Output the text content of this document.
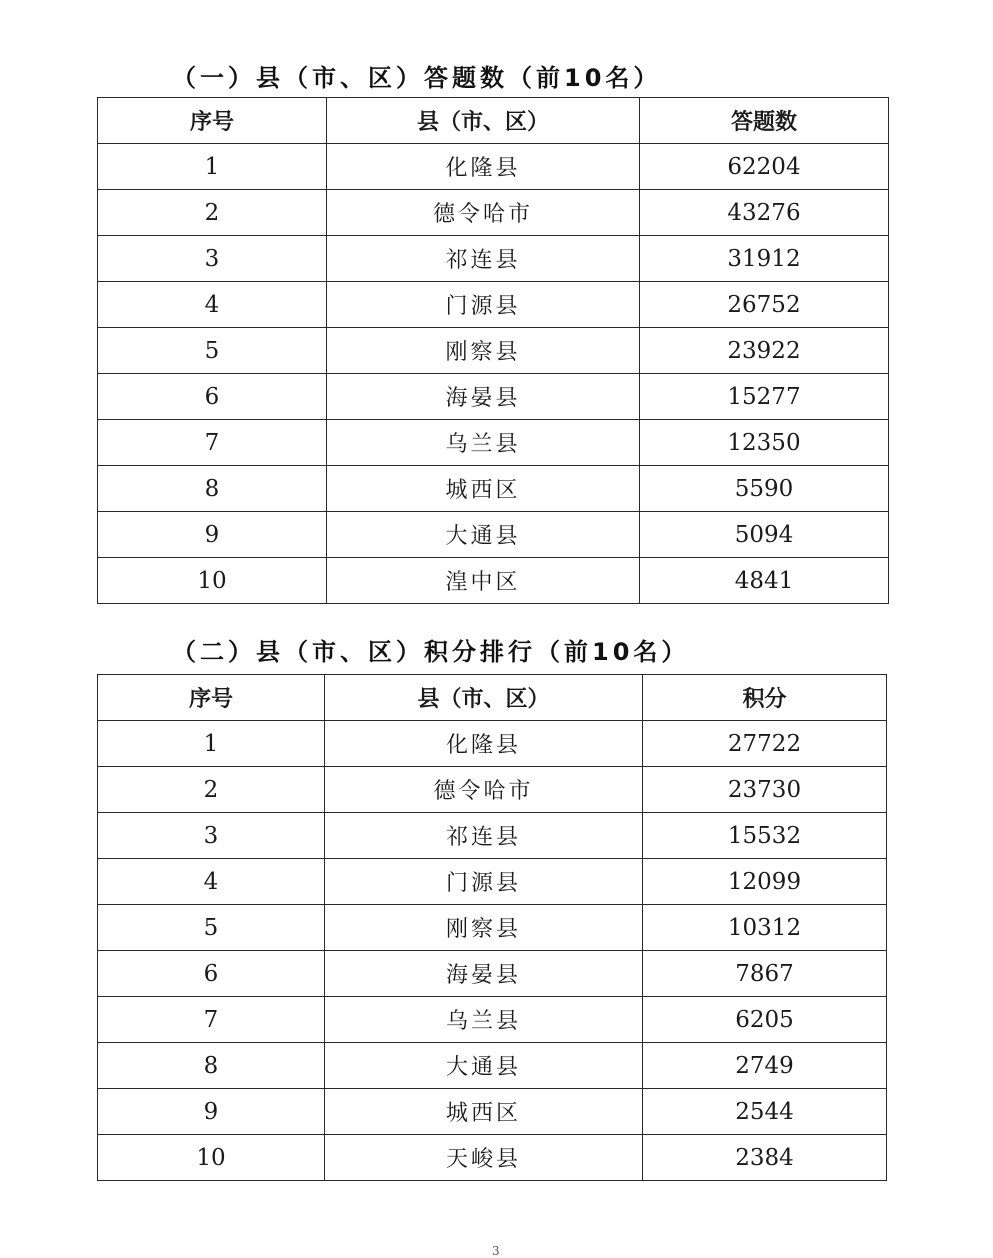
（一）县（市、区）答题数（前10名）
序号	县（市、区）	答题数
1	化隆县	62204
2	德令哈市	43276
3	祁连县	31912
4	门源县	26752
5	刚察县	23922
6	海晏县	15277
7	乌兰县	12350
8	城西区	5590
9	大通县	5094
10	湟中区	4841
（二）县（市、区）积分排行（前10名）
序号	县（市、区）	积分
1	化隆县	27722
2	德令哈市	23730
3	祁连县	15532
4	门源县	12099
5	刚察县	10312
6	海晏县	7867
7	乌兰县	6205
8	大通县	2749
9	城西区	2544
10	天峻县	2384
3
